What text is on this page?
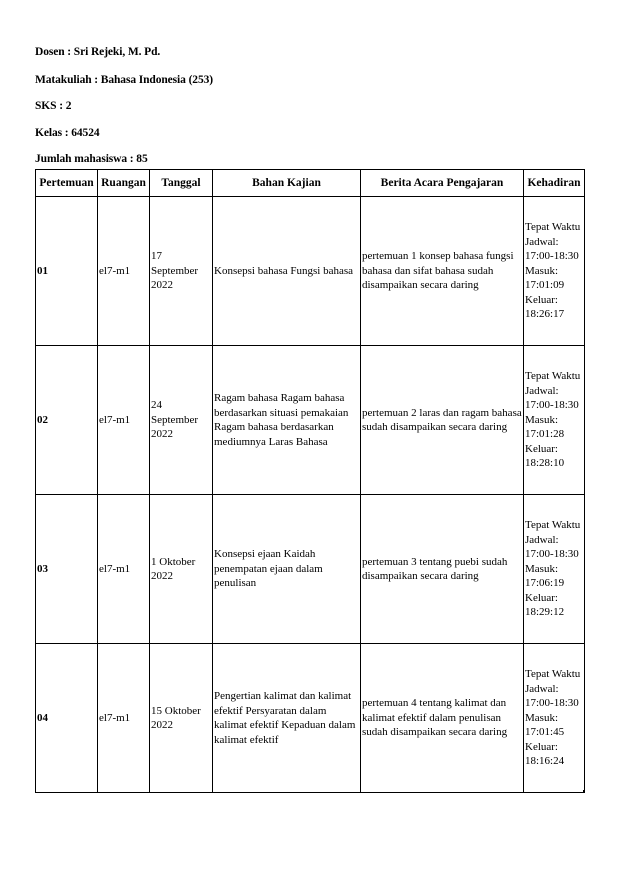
Dosen : Sri Rejeki, M. Pd.
Matakuliah : Bahasa Indonesia (253)
SKS : 2
Kelas : 64524
Jumlah mahasiswa : 85
Pertemuan	Ruangan	Tanggal	Bahan Kajian	Berita Acara Pengajaran	Kehadiran
01	el7-m1	17 September 2022	Konsepsi bahasa Fungsi bahasa	pertemuan 1 konsep bahasa fungsi bahasa dan sifat bahasa sudah disampaikan secara daring	Tepat Waktu
Jadwal: 17:00-18:30
Masuk: 17:01:09
Keluar: 18:26:17

02	el7-m1	24 September 2022	Ragam bahasa Ragam bahasa berdasarkan situasi pemakaian Ragam bahasa berdasarkan mediumnya Laras Bahasa	pertemuan 2 laras dan ragam bahasa sudah disampaikan secara daring	Tepat Waktu
Jadwal: 17:00-18:30
Masuk: 17:01:28
Keluar: 18:28:10

03	el7-m1	1 Oktober 2022	Konsepsi ejaan Kaidah penempatan ejaan dalam penulisan	pertemuan 3 tentang puebi sudah disampaikan secara daring	Tepat Waktu
Jadwal: 17:00-18:30
Masuk: 17:06:19
Keluar: 18:29:12

04	el7-m1	15 Oktober 2022	Pengertian kalimat dan kalimat efektif Persyaratan dalam kalimat efektif Kepaduan dalam kalimat efektif	pertemuan 4 tentang kalimat dan kalimat efektif dalam penulisan sudah disampaikan secara daring	Tepat Waktu
Jadwal: 17:00-18:30
Masuk: 17:01:45
Keluar: 18:16:24
